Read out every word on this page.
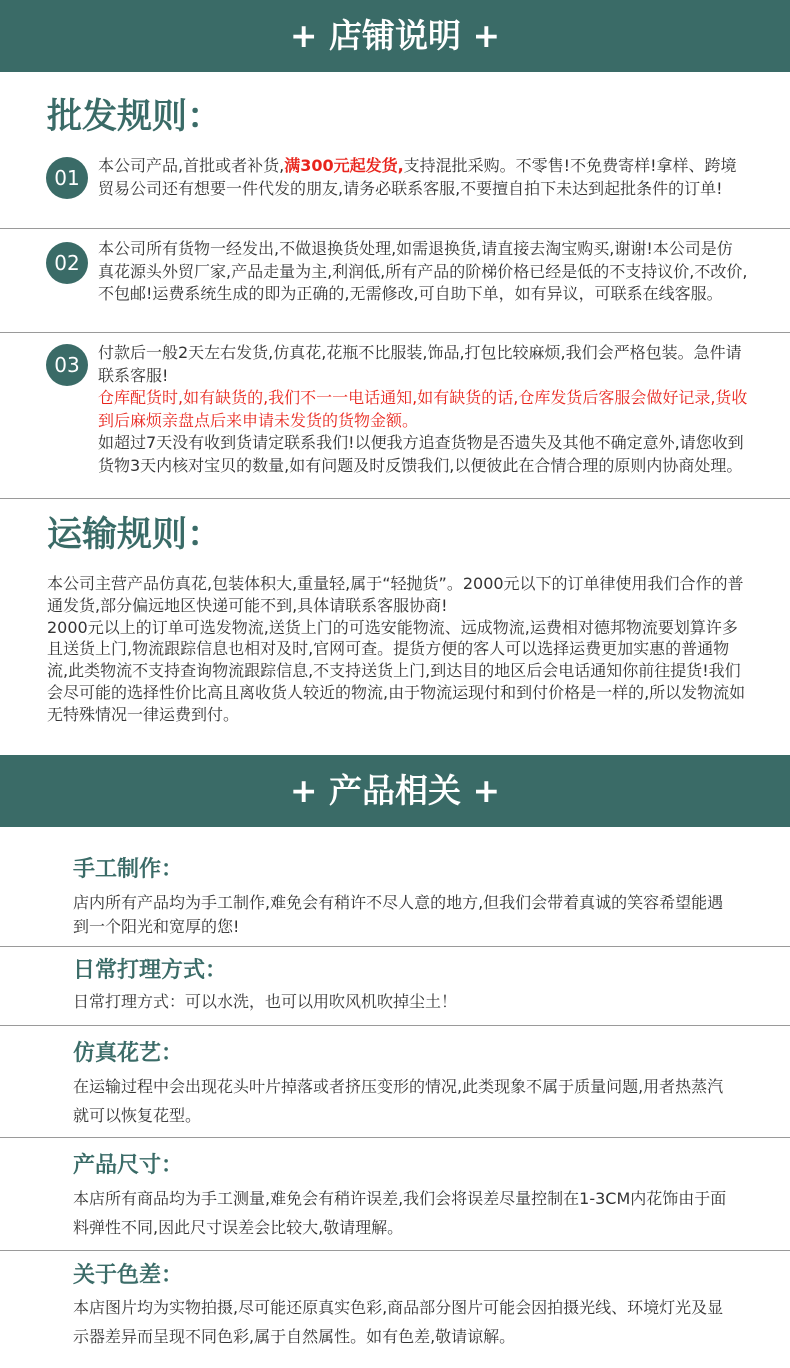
+ 店铺说明 +
批发规则：
01

本公司产品,首批或者补货,满300元起发货,支持混批采购。不零售!不免费寄样!拿样、跨境贸易公司还有想要一件代发的朋友,请务必联系客服,不要擅自拍下未达到起批条件的订单!

02

本公司所有货物一经发出,不做退换货处理,如需退换货,请直接去淘宝购买,谢谢!本公司是仿真花源头外贸厂家,产品走量为主,利润低,所有产品的阶梯价格已经是低的不支持议价,不改价,不包邮!运费系统生成的即为正确的,无需修改,可自助下单，如有异议，可联系在线客服。

03

付款后一般2天左右发货,仿真花,花瓶不比服装,饰品,打包比较麻烦,我们会严格包装。急件请联系客服!
仓库配货时,如有缺货的,我们不一一电话通知,如有缺货的话,仓库发货后客服会做好记录,货收到后麻烦亲盘点后来申请未发货的货物金额。
如超过7天没有收到货请定联系我们!以便我方追查货物是否遗失及其他不确定意外,请您收到货物3天内核对宝贝的数量,如有问题及时反馈我们,以便彼此在合情合理的原则内协商处理。

运输规则：

本公司主营产品仿真花,包装体积大,重量轻,属于“轻抛货”。2000元以下的订单律使用我们合作的普通发货,部分偏远地区快递可能不到,具体请联系客服协商!
2000元以上的订单可选发物流,送货上门的可选安能物流、远成物流,运费相对德邦物流要划算许多且送货上门,物流跟踪信息也相对及时,官网可查。提货方便的客人可以选择运费更加实惠的普通物流,此类物流不支持查询物流跟踪信息,不支持送货上门,到达目的地区后会电话通知你前往提货!我们会尽可能的选择性价比高且离收货人较近的物流,由于物流运现付和到付价格是一样的,所以发物流如无特殊情况一律运费到付。

+ 产品相关 +
手工制作：

店内所有产品均为手工制作,难免会有稍许不尽人意的地方,但我们会带着真诚的笑容希望能遇到一个阳光和宽厚的您!

日常打理方式：

日常打理方式：可以水洗，也可以用吹风机吹掉尘土！

仿真花艺：

在运输过程中会出现花头叶片掉落或者挤压变形的情况,此类现象不属于质量问题,用者热蒸汽就可以恢复花型。

产品尺寸：

本店所有商品均为手工测量,难免会有稍许误差,我们会将误差尽量控制在1-3CM内花饰由于面料弹性不同,因此尺寸误差会比较大,敬请理解。

关于色差：

本店图片均为实物拍摄,尽可能还原真实色彩,商品部分图片可能会因拍摄光线、环境灯光及显示器差异而呈现不同色彩,属于自然属性。如有色差,敬请谅解。
